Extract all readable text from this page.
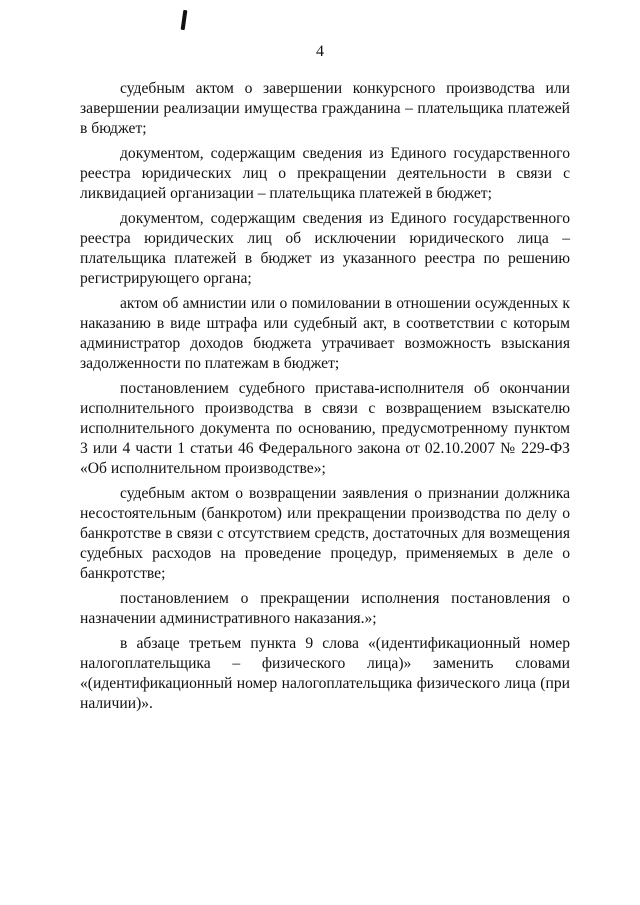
4

судебным актом о завершении конкурсного производства или завершении реализации имущества гражданина – плательщика платежей в бюджет;

документом, содержащим сведения из Единого государственного реестра юридических лиц о прекращении деятельности в связи с ликвидацией организации – плательщика платежей в бюджет;

документом, содержащим сведения из Единого государственного реестра юридических лиц об исключении юридического лица – плательщика платежей в бюджет из указанного реестра по решению регистрирующего органа;

актом об амнистии или о помиловании в отношении осужденных к наказанию в виде штрафа или судебный акт, в соответствии с которым администратор доходов бюджета утрачивает возможность взыскания задолженности по платежам в бюджет;

постановлением судебного пристава-исполнителя об окончании исполнительного производства в связи с возвращением взыскателю исполнительного документа по основанию, предусмотренному пунктом 3 или 4 части 1 статьи 46 Федерального закона от 02.10.2007 № 229-ФЗ «Об исполнительном производстве»;

судебным актом о возвращении заявления о признании должника несостоятельным (банкротом) или прекращении производства по делу о банкротстве в связи с отсутствием средств, достаточных для возмещения судебных расходов на проведение процедур, применяемых в деле о банкротстве;

постановлением о прекращении исполнения постановления о назначении административного наказания.»;

в абзаце третьем пункта 9 слова «(идентификационный номер налогоплательщика – физического лица)» заменить словами «(идентификационный номер налогоплательщика физического лица (при наличии)».
